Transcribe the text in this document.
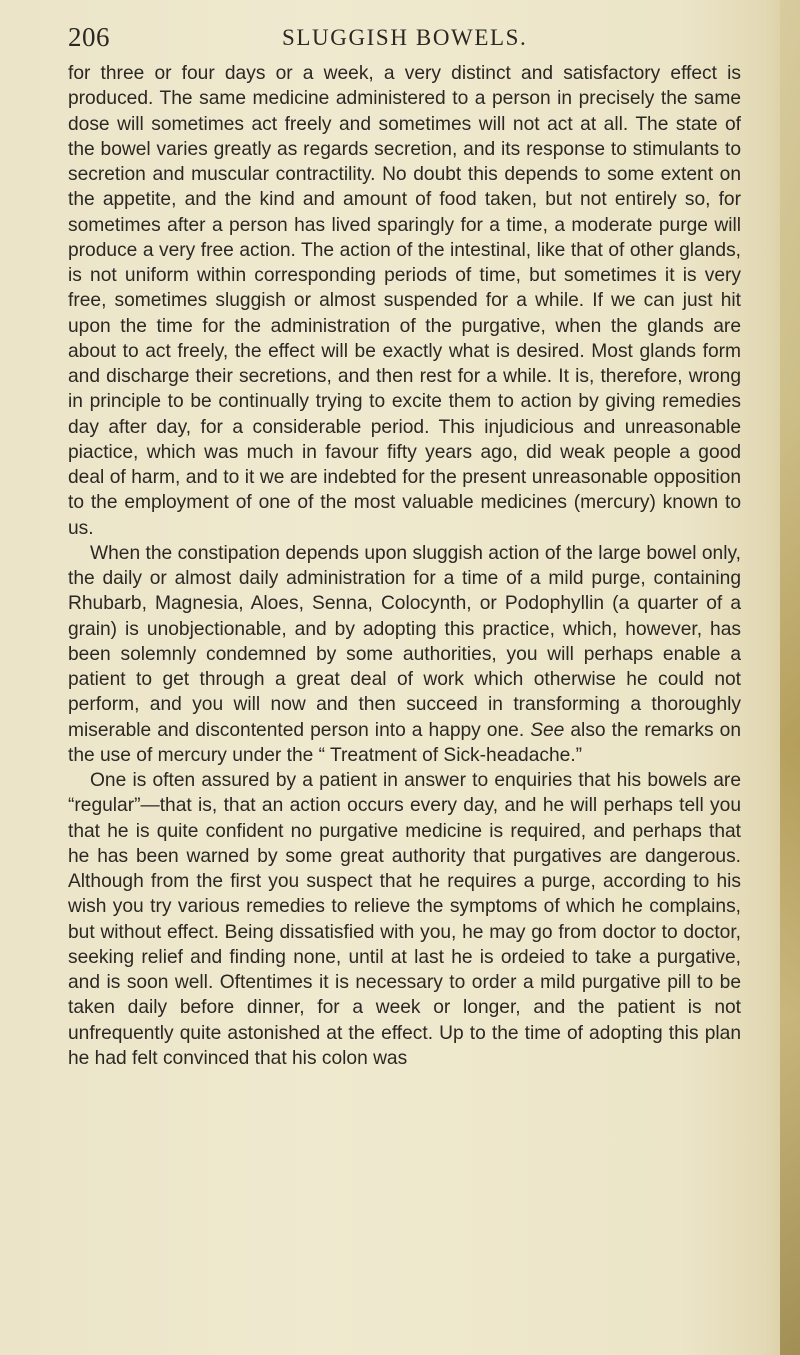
206	SLUGGISH BOWELS.

for three or four days or a week, a very distinct and satisfactory effect is produced. The same medicine administered to a person in precisely the same dose will sometimes act freely and sometimes will not act at all. The state of the bowel varies greatly as regards secretion, and its response to stimulants to secretion and muscular contractility. No doubt this depends to some extent on the appetite, and the kind and amount of food taken, but not entirely so, for sometimes after a person has lived sparingly for a time, a moderate purge will produce a very free action. The action of the intestinal, like that of other glands, is not uniform within corresponding periods of time, but sometimes it is very free, sometimes sluggish or almost suspended for a while. If we can just hit upon the time for the administration of the purgative, when the glands are about to act freely, the effect will be exactly what is desired. Most glands form and discharge their secretions, and then rest for a while. It is, therefore, wrong in principle to be continually trying to excite them to action by giving remedies day after day, for a considerable period. This injudicious and unreasonable piactice, which was much in favour fifty years ago, did weak people a good deal of harm, and to it we are indebted for the present unreasonable opposition to the employment of one of the most valuable medicines (mercury) known to us.

When the constipation depends upon sluggish action of the large bowel only, the daily or almost daily administration for a time of a mild purge, containing Rhubarb, Magnesia, Aloes, Senna, Colocynth, or Podophyllin (a quarter of a grain) is unobjectionable, and by adopting this practice, which, however, has been solemnly condemned by some authorities, you will perhaps enable a patient to get through a great deal of work which otherwise he could not perform, and you will now and then succeed in transforming a thoroughly miserable and discontented person into a happy one. See also the remarks on the use of mercury under the “ Treatment of Sick-headache.”

One is often assured by a patient in answer to enquiries that his bowels are “regular”—that is, that an action occurs every day, and he will perhaps tell you that he is quite confident no purgative medicine is required, and perhaps that he has been warned by some great authority that purgatives are dangerous. Although from the first you suspect that he requires a purge, according to his wish you try various remedies to relieve the symptoms of which he complains, but without effect. Being dissatisfied with you, he may go from doctor to doctor, seeking relief and finding none, until at last he is ordeied to take a purgative, and is soon well. Oftentimes it is necessary to order a mild purgative pill to be taken daily before dinner, for a week or longer, and the patient is not unfrequently quite astonished at the effect. Up to the time of adopting this plan he had felt convinced that his colon was
